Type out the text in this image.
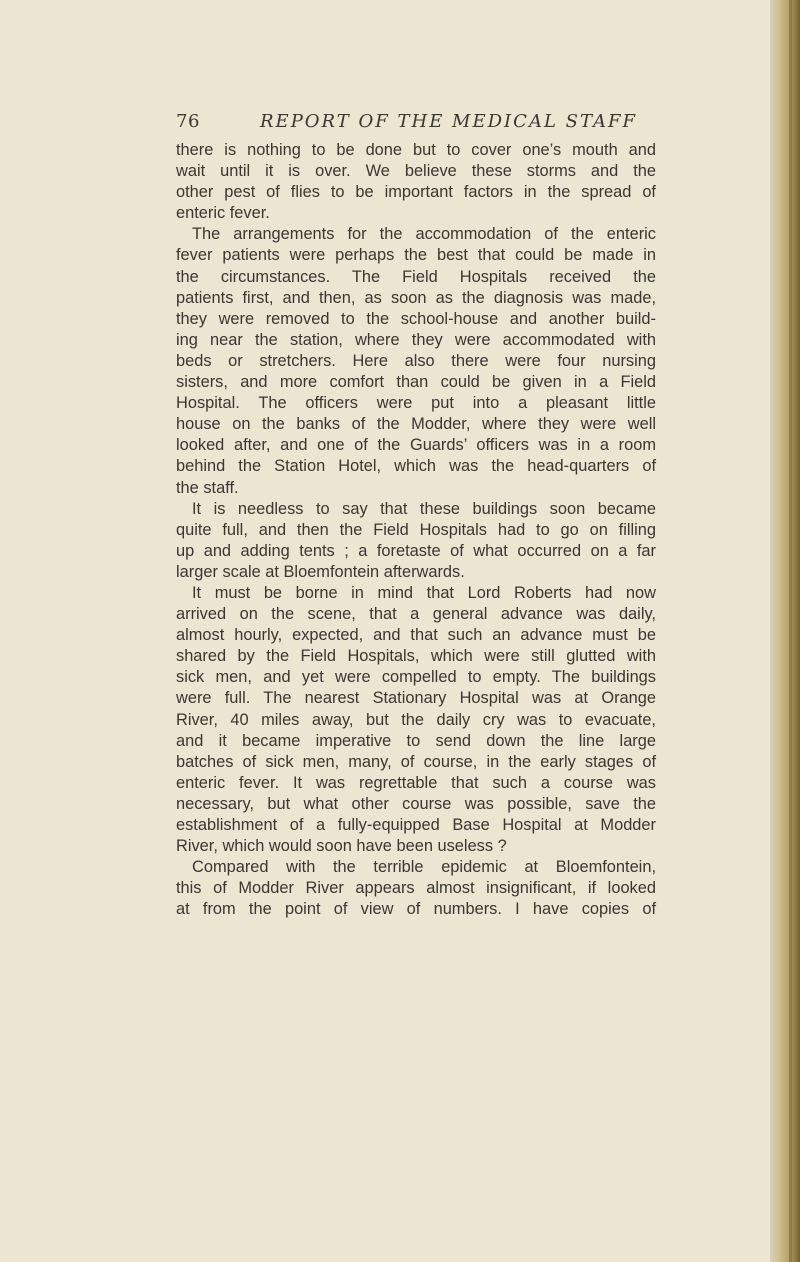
76	REPORT OF THE MEDICAL STAFF
there is nothing to be done but to cover one’s mouth and
wait until it is over. We believe these storms and the
other pest of flies to be important factors in the spread of
enteric fever.
The arrangements for the accommodation of the enteric
fever patients were perhaps the best that could be made in
the circumstances. The Field Hospitals received the
patients first, and then, as soon as the diagnosis was made,
they were removed to the school-house and another build-
ing near the station, where they were accommodated with
beds or stretchers. Here also there were four nursing
sisters, and more comfort than could be given in a Field
Hospital. The officers were put into a pleasant little
house on the banks of the Modder, where they were well
looked after, and one of the Guards’ officers was in a room
behind the Station Hotel, which was the head-quarters of
the staff.
It is needless to say that these buildings soon became
quite full, and then the Field Hospitals had to go on filling
up and adding tents ; a foretaste of what occurred on a far
larger scale at Bloemfontein afterwards.
It must be borne in mind that Lord Roberts had now
arrived on the scene, that a general advance was daily,
almost hourly, expected, and that such an advance must be
shared by the Field Hospitals, which were still glutted with
sick men, and yet were compelled to empty. The buildings
were full. The nearest Stationary Hospital was at Orange
River, 40 miles away, but the daily cry was to evacuate,
and it became imperative to send down the line large
batches of sick men, many, of course, in the early stages of
enteric fever. It was regrettable that such a course was
necessary, but what other course was possible, save the
establishment of a fully-equipped Base Hospital at Modder
River, which would soon have been useless ?
Compared with the terrible epidemic at Bloemfontein,
this of Modder River appears almost insignificant, if looked
at from the point of view of numbers. I have copies of
